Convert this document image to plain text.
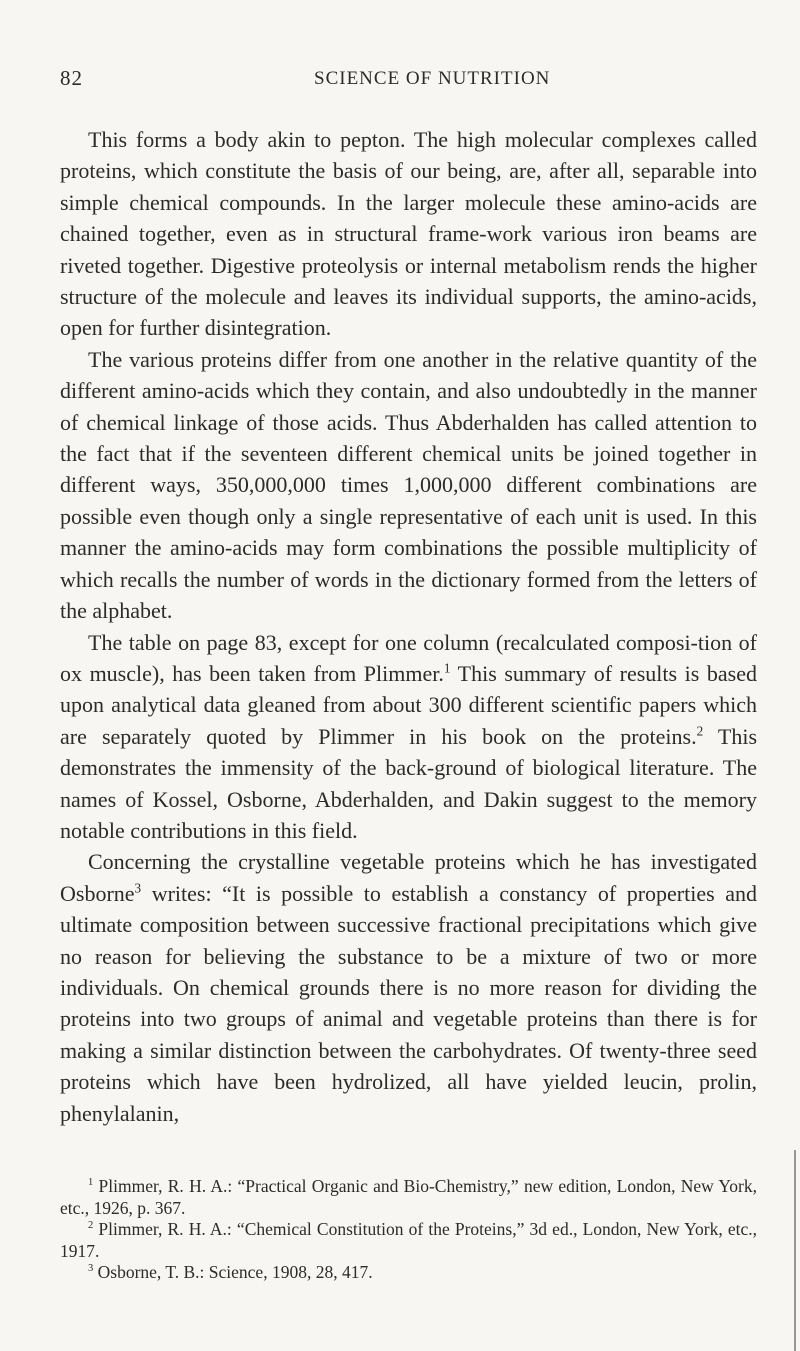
82	SCIENCE OF NUTRITION

This forms a body akin to pepton. The high molecular complexes called proteins, which constitute the basis of our being, are, after all, separable into simple chemical compounds. In the larger molecule these amino-acids are chained together, even as in structural frame-work various iron beams are riveted together. Digestive proteolysis or internal metabolism rends the higher structure of the molecule and leaves its individual supports, the amino-acids, open for further disintegration.

The various proteins differ from one another in the relative quantity of the different amino-acids which they contain, and also undoubtedly in the manner of chemical linkage of those acids. Thus Abderhalden has called attention to the fact that if the seventeen different chemical units be joined together in different ways, 350,000,000 times 1,000,000 different combinations are possible even though only a single representative of each unit is used. In this manner the amino-acids may form combinations the possible multiplicity of which recalls the number of words in the dictionary formed from the letters of the alphabet.

The table on page 83, except for one column (recalculated composi-tion of ox muscle), has been taken from Plimmer.$^1$ This summary of results is based upon analytical data gleaned from about 300 different scientific papers which are separately quoted by Plimmer in his book on the proteins.$^2$ This demonstrates the immensity of the back-ground of biological literature. The names of Kossel, Osborne, Abderhalden, and Dakin suggest to the memory notable contributions in this field.

Concerning the crystalline vegetable proteins which he has investigated Osborne$^3$ writes: “It is possible to establish a constancy of properties and ultimate composition between successive fractional precipitations which give no reason for believing the substance to be a mixture of two or more individuals. On chemical grounds there is no more reason for dividing the proteins into two groups of animal and vegetable proteins than there is for making a similar distinction between the carbohydrates. Of twenty-three seed proteins which have been hydrolized, all have yielded leucin, prolin, phenylalanin,

$^1$ Plimmer, R. H. A.: “Practical Organic and Bio-Chemistry,” new edition, London, New York, etc., 1926, p. 367.

$^2$ Plimmer, R. H. A.: “Chemical Constitution of the Proteins,” 3d ed., London, New York, etc., 1917.

$^3$ Osborne, T. B.: Science, 1908, 28, 417.
